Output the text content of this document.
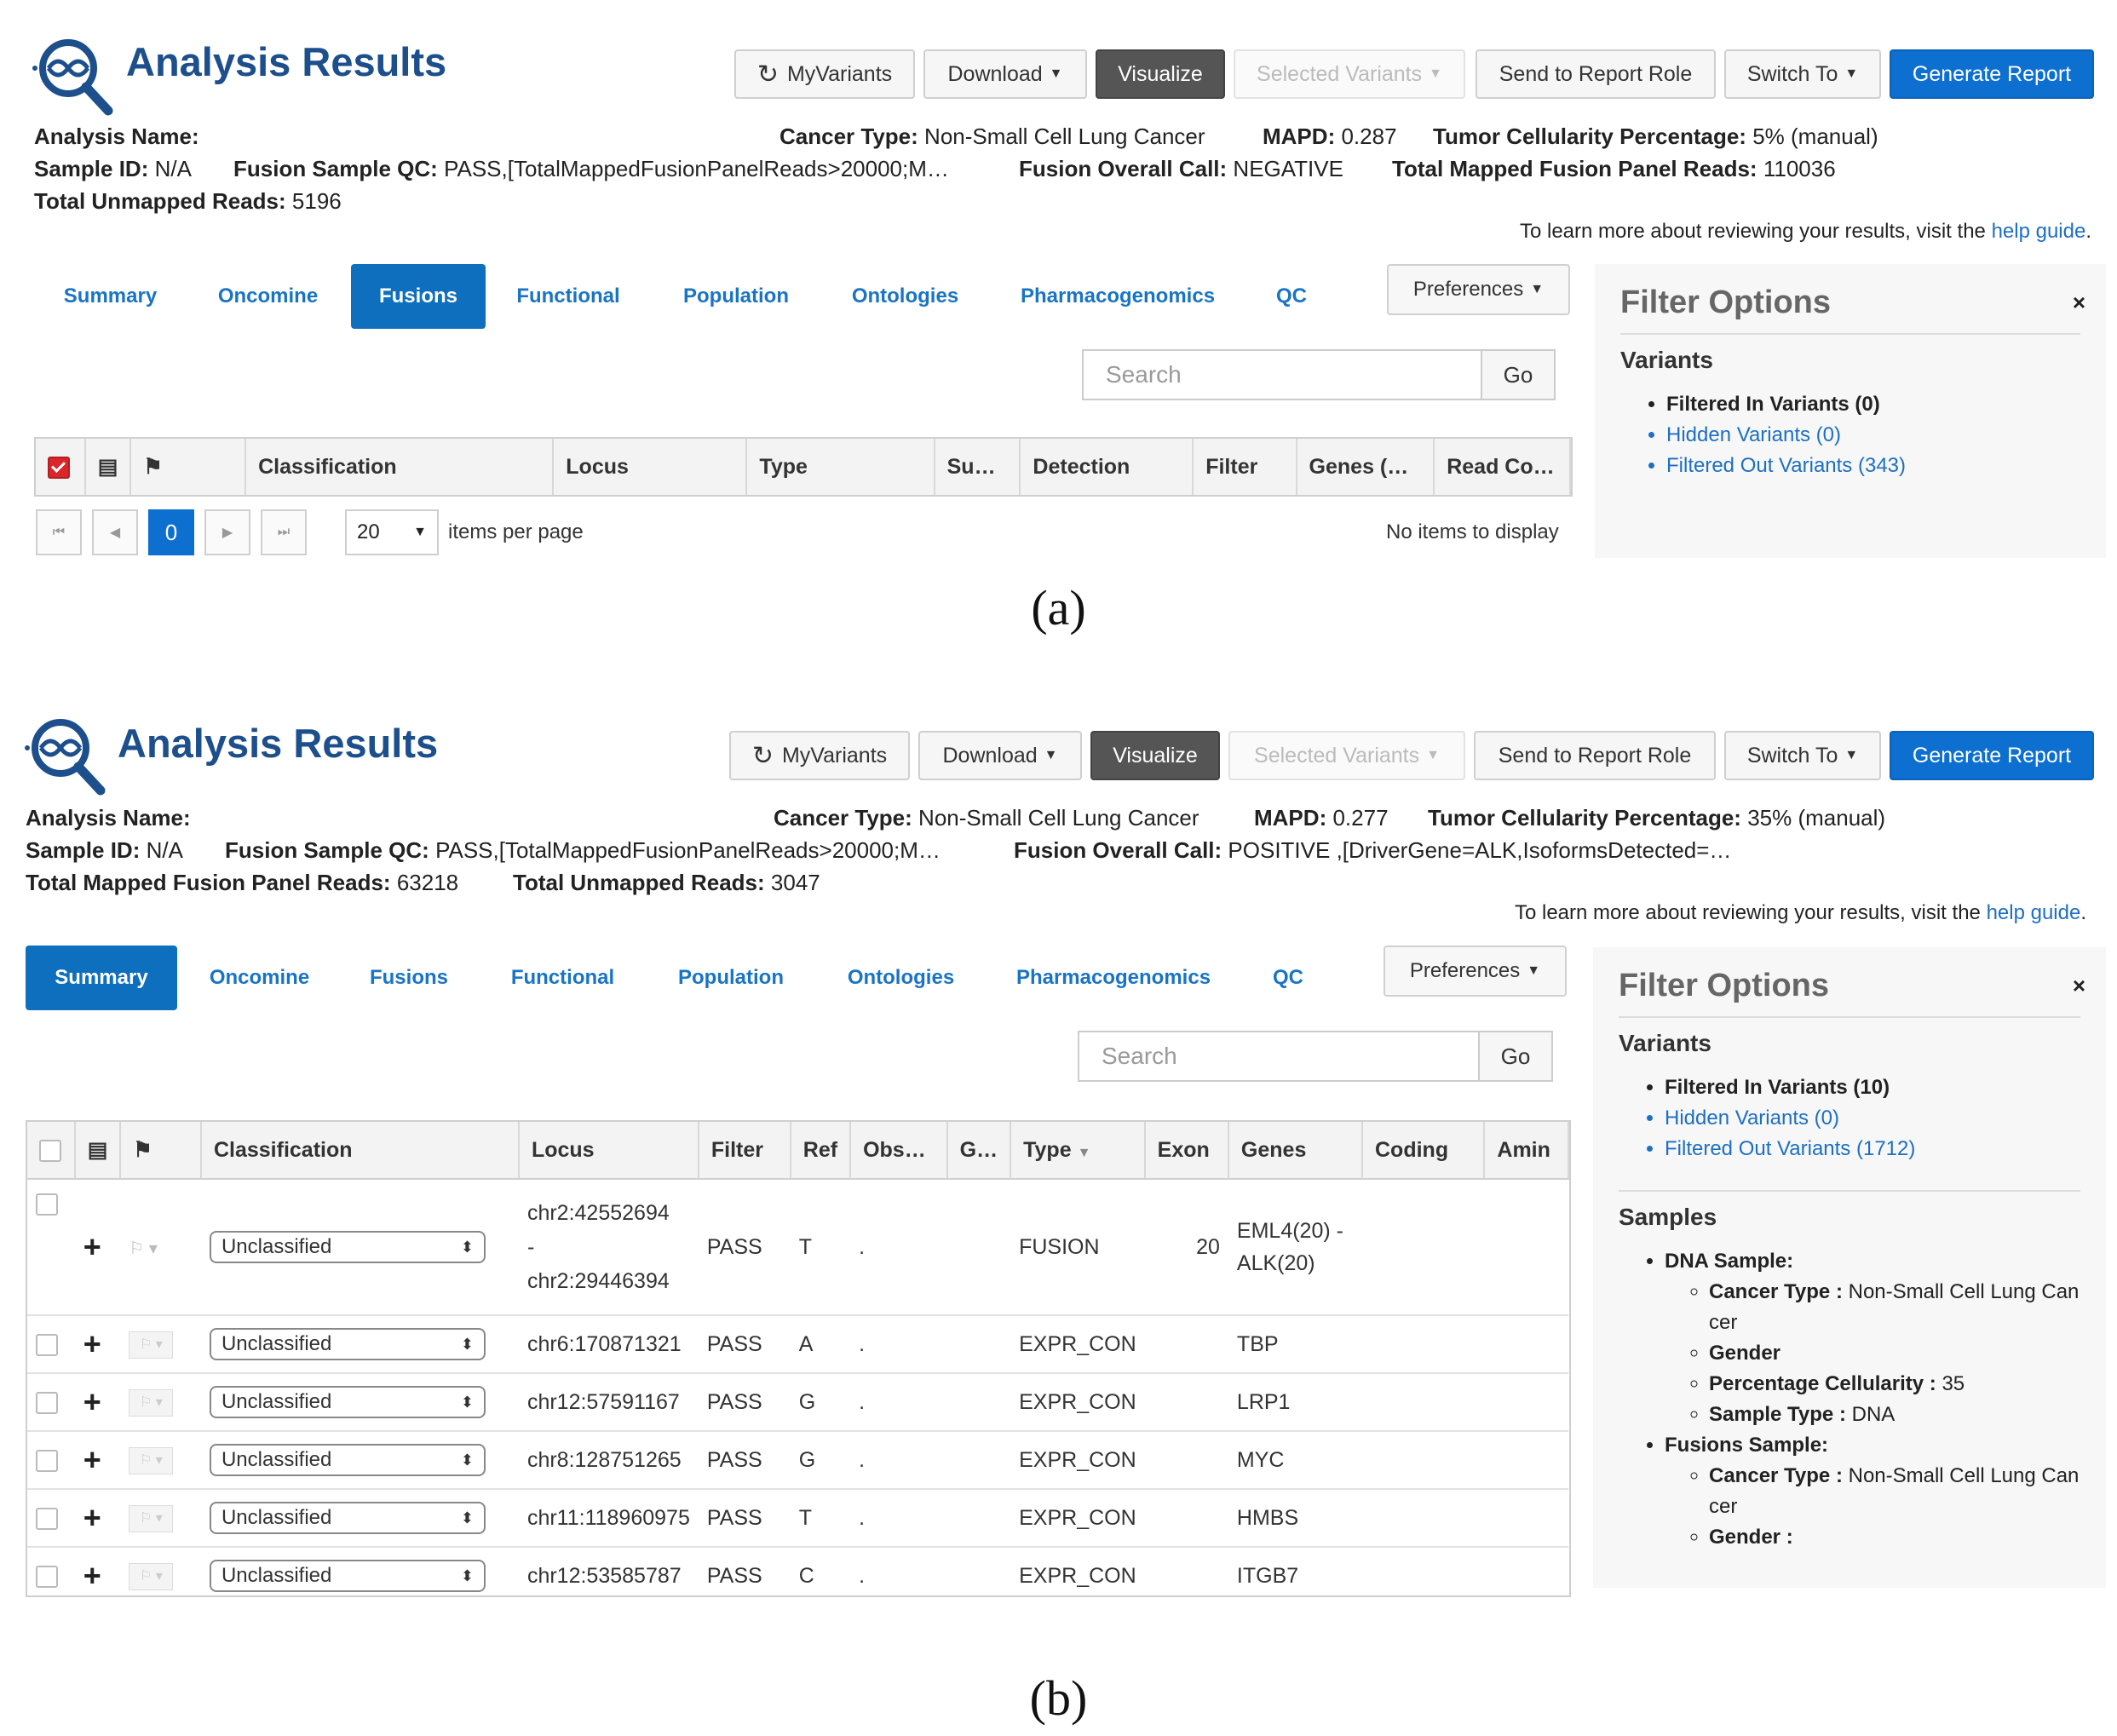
Analysis Results	↻ MyVariants	Download ▼	Visualize	Selected Variants ▼	Send to Report Role	Switch To ▼	Generate Report
Analysis Name:	Cancer Type: Non-Small Cell Lung Cancer	MAPD: 0.287 Tumor Cellularity Percentage: 5% (manual)
Sample ID: N/A Fusion Sample QC: PASS,[TotalMappedFusionPanelReads>20000;M…	Fusion Overall Call: NEGATIVE Total Mapped Fusion Panel Reads: 110036
Total Unmapped Reads: 5196
To learn more about reviewing your results, visit the help guide.
Summary	Oncomine	Fusions	Functional	Population	Ontologies	Pharmacogenomics	QC	Preferences ▼
Search	Go
	▤	⚑	Classification	Locus	Type	Su…	Detection	Filter	Genes (…	Read Co…
⏮	◀	0	▶	⏭	20 ▼ items per page	No items to display
Filter Options	×
Variants
• Filtered In Variants (0)
• Hidden Variants (0)
• Filtered Out Variants (343)
(a)
Analysis Results	↻ MyVariants	Download ▼	Visualize	Selected Variants ▼	Send to Report Role	Switch To ▼	Generate Report
Analysis Name:	Cancer Type: Non-Small Cell Lung Cancer MAPD: 0.277 Tumor Cellularity Percentage: 35% (manual)
Sample ID: N/A Fusion Sample QC: PASS,[TotalMappedFusionPanelReads>20000;M…	Fusion Overall Call: POSITIVE ,[DriverGene=ALK,IsoformsDetected=…
Total Mapped Fusion Panel Reads: 63218 Total Unmapped Reads: 3047
To learn more about reviewing your results, visit the help guide.
Summary	Oncomine	Fusions	Functional	Population	Ontologies	Pharmacogenomics	QC	Preferences ▼
Search	Go
	▤	⚑	Classification	Locus	Filter	Ref	Obs…	G…	Type ▼	Exon	Genes	Coding	Amin
	+	⚐ ▾	Unclassified ⬍	chr2:42552694
-
chr2:29446394	PASS	T	.		FUSION	20	EML4(20) -
ALK(20)		
	+	⚐ ▾	Unclassified ⬍	chr6:170871321	PASS	A	.		EXPR_CON		TBP		
	+	⚐ ▾	Unclassified ⬍	chr12:57591167	PASS	G	.		EXPR_CON		LRP1		
	+	⚐ ▾	Unclassified ⬍	chr8:128751265	PASS	G	.		EXPR_CON		MYC		
	+	⚐ ▾	Unclassified ⬍	chr11:118960975	PASS	T	.		EXPR_CON		HMBS		
	+	⚐ ▾	Unclassified ⬍	chr12:53585787	PASS	C	.		EXPR_CON		ITGB7		
Filter Options	×
Variants
• Filtered In Variants (10)
• Hidden Variants (0)
• Filtered Out Variants (1712)
Samples
• DNA Sample:
◦ Cancer Type : Non-Small Cell Lung Can cer
◦ Gender
◦ Percentage Cellularity : 35
◦ Sample Type : DNA
• Fusions Sample:
◦ Cancer Type : Non-Small Cell Lung Can cer
◦ Gender :
(b)
